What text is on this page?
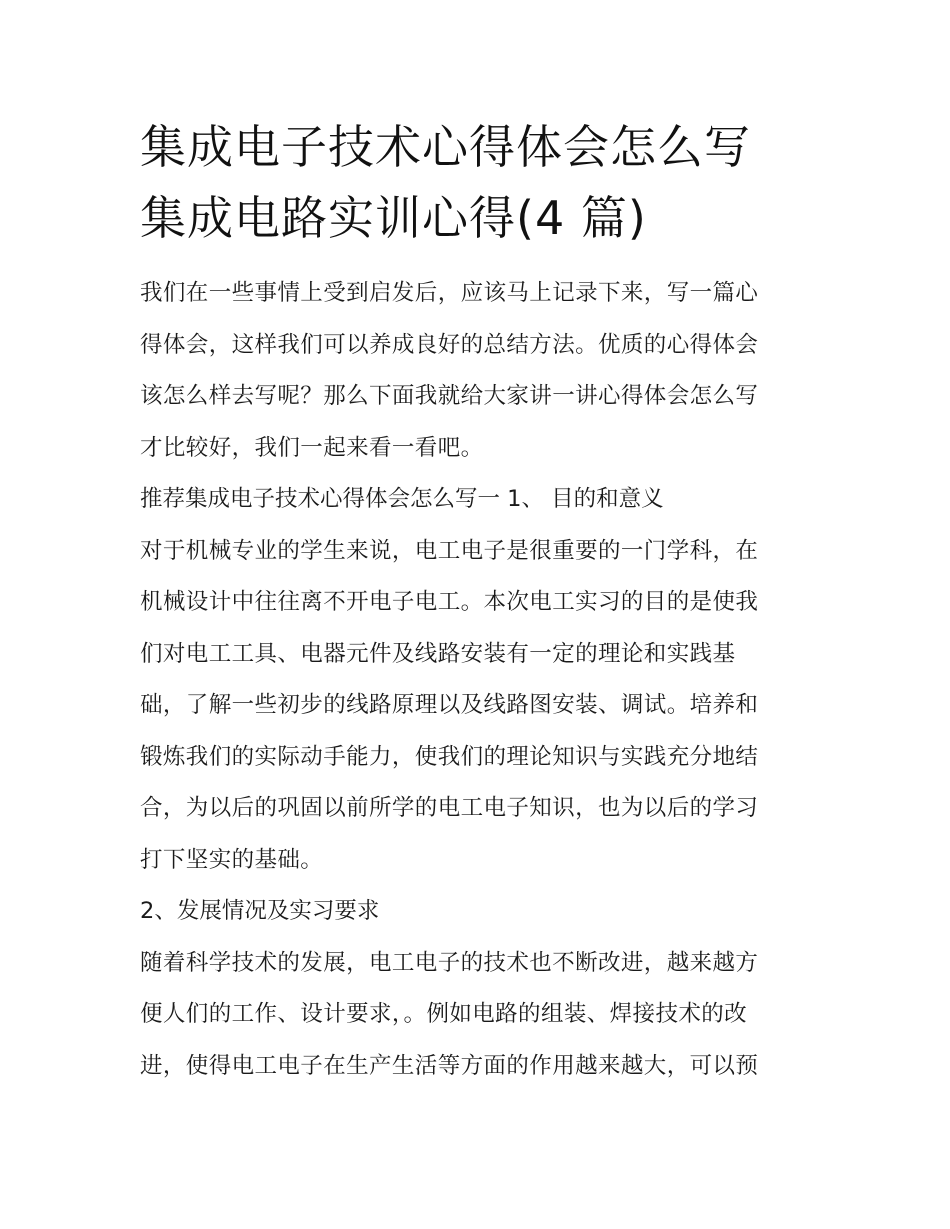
集成电子技术心得体会怎么写
集成电路实训心得(4 篇)

我们在一些事情上受到启发后，应该马上记录下来，写一篇心
得体会，这样我们可以养成良好的总结方法。优质的心得体会
该怎么样去写呢？那么下面我就给大家讲一讲心得体会怎么写
才比较好，我们一起来看一看吧。

推荐集成电子技术心得体会怎么写一 1、 目的和意义

对于机械专业的学生来说，电工电子是很重要的一门学科，在
机械设计中往往离不开电子电工。本次电工实习的目的是使我
们对电工工具、电器元件及线路安装有一定的理论和实践基
础，了解一些初步的线路原理以及线路图安装、调试。培养和
锻炼我们的实际动手能力，使我们的理论知识与实践充分地结
合，为以后的巩固以前所学的电工电子知识，也为以后的学习
打下坚实的基础。

2、发展情况及实习要求

随着科学技术的发展，电工电子的技术也不断改进，越来越方
便人们的工作、设计要求，。例如电路的组装、焊接技术的改
进，使得电工电子在生产生活等方面的作用越来越大，可以预
